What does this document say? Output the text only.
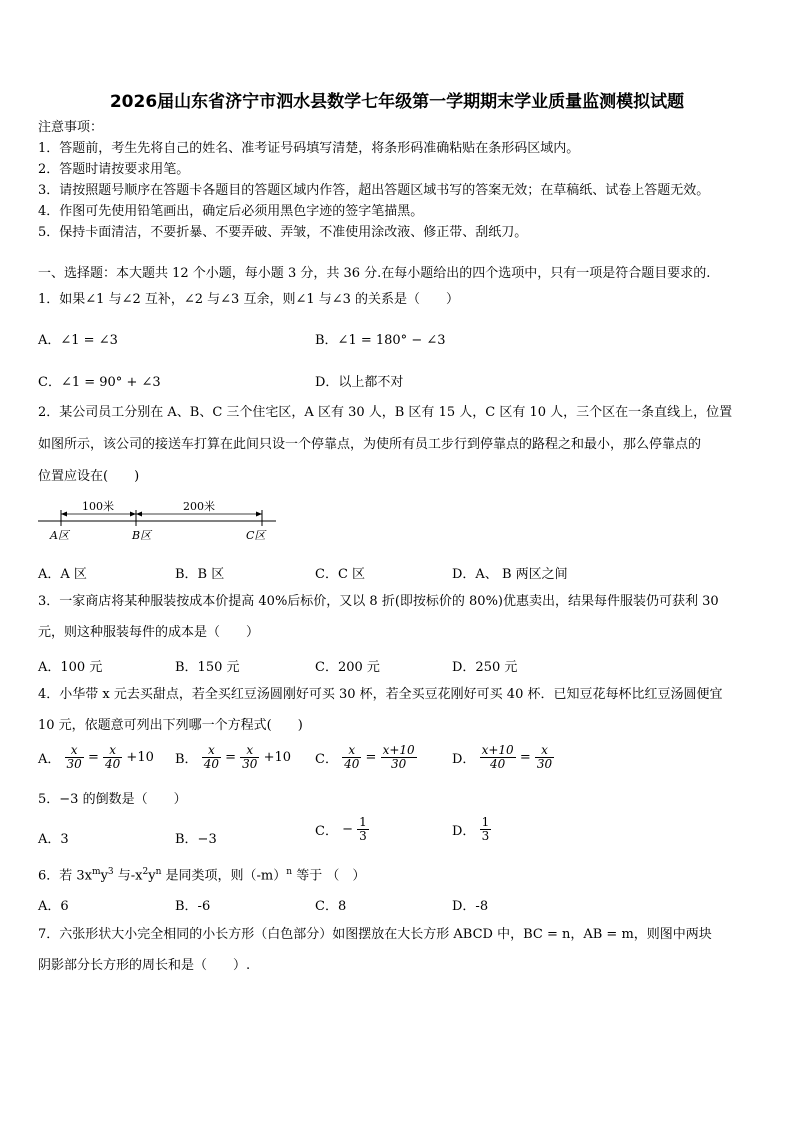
2026届山东省济宁市泗水县数学七年级第一学期期末学业质量监测模拟试题
注意事项：
1．答题前，考生先将自己的姓名、准考证号码填写清楚，将条形码准确粘贴在条形码区域内。
2．答题时请按要求用笔。
3．请按照题号顺序在答题卡各题目的答题区域内作答，超出答题区域书写的答案无效；在草稿纸、试卷上答题无效。
4．作图可先使用铅笔画出，确定后必须用黑色字迹的签字笔描黑。
5．保持卡面清洁，不要折暴、不要弄破、弄皱，不准使用涂改液、修正带、刮纸刀。
一、选择题：本大题共 12 个小题，每小题 3 分，共 36 分.在每小题给出的四个选项中，只有一项是符合题目要求的.
1．如果∠1 与∠2 互补，∠2 与∠3 互余，则∠1 与∠3 的关系是（　　）
A．∠1 = ∠3	B．∠1 = 180° − ∠3
C．∠1 = 90° + ∠3	D．以上都不对
2．某公司员工分别在 A、B、C 三个住宅区，A 区有 30 人，B 区有 15 人，C 区有 10 人，三个区在一条直线上，位置
如图所示，该公司的接送车打算在此间只设一个停靠点，为使所有员工步行到停靠点的路程之和最小，那么停靠点的
位置应设在(　　)
100米	200米
A区	B区	C区
A．A 区	B．B 区	C．C 区	D．A、 B 两区之间
3．一家商店将某种服装按成本价提高 40%后标价，又以 8 折(即按标价的 80%)优惠卖出，结果每件服装仍可获利 30
元，则这种服装每件的成本是（　　）
A．100 元	B．150 元	C．200 元	D．250 元
4．小华带 x 元去买甜点，若全买红豆汤圆刚好可买 30 杯，若全买豆花刚好可买 40 杯．已知豆花每杯比红豆汤圆便宜
10 元，依题意可列出下列哪一个方程式(　　)
A． $\frac{x}{30} = \frac{x}{40} +10$ B． $\frac{x}{40} = \frac{x}{30} +10$ C． $\frac{x}{40} = \frac{x+10}{30}$	D． $\frac{x+10}{40} = \frac{x}{30}$
5．−3 的倒数是（　　）
A．3	B．−3
C． − $\frac{1}{3}$	D． $\frac{1}{3}$
6．若 $3x^my^3$ 与$-x^2y^n$ 是同类项，则$(-m)^n$ 等于 （　）
A．6	B．-6	C．8	D．-8
7．六张形状大小完全相同的小长方形（白色部分）如图摆放在大长方形 ABCD 中，BC = n，AB = m，则图中两块
阴影部分长方形的周长和是（　　）.
